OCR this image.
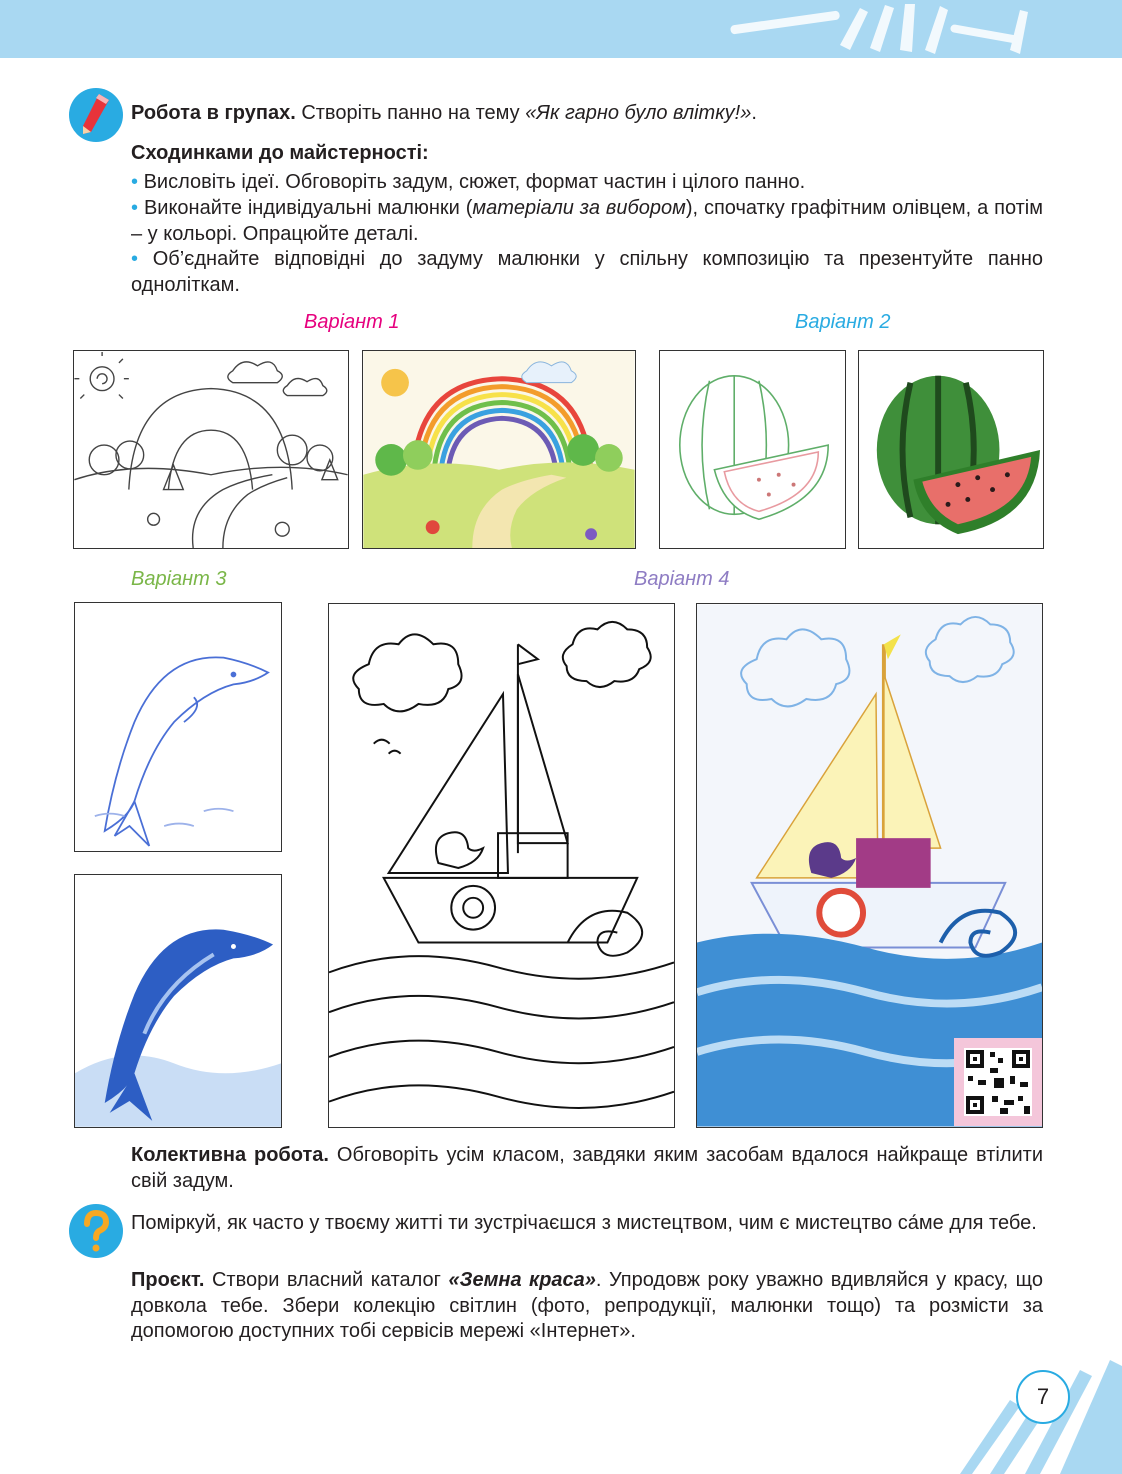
Робота в групах. Створіть панно на тему «Як гарно було влітку!».

Сходинками до майстерності:

• Висловіть ідеї. Обговоріть задум, сюжет, формат частин і цілого панно.

• Виконайте індивідуальні малюнки (матеріали за вибором), спочатку графітним олівцем, а потім – у кольорі. Опрацюйте деталі.

• Об’єднайте відповідні до задуму малюнки у спільну композицію та презентуйте панно одноліткам.

Варіант 1	Варіант 2
Варіант 3	Варіант 4

Колективна робота. Обговоріть усім класом, завдяки яким засобам вдалося найкраще втілити свій задум.

Поміркуй, як часто у твоєму житті ти зустрічаєшся з мистецтвом, чим є мистецтво са́ме для тебе.

Проєкт. Створи власний каталог «Земна краса». Упродовж року уважно вдивляйся у красу, що довкола тебе. Збери колекцію світлин (фото, репродукції, малюнки тощо) та розмісти за допомогою доступних тобі сервісів мережі «Інтернет».

7
